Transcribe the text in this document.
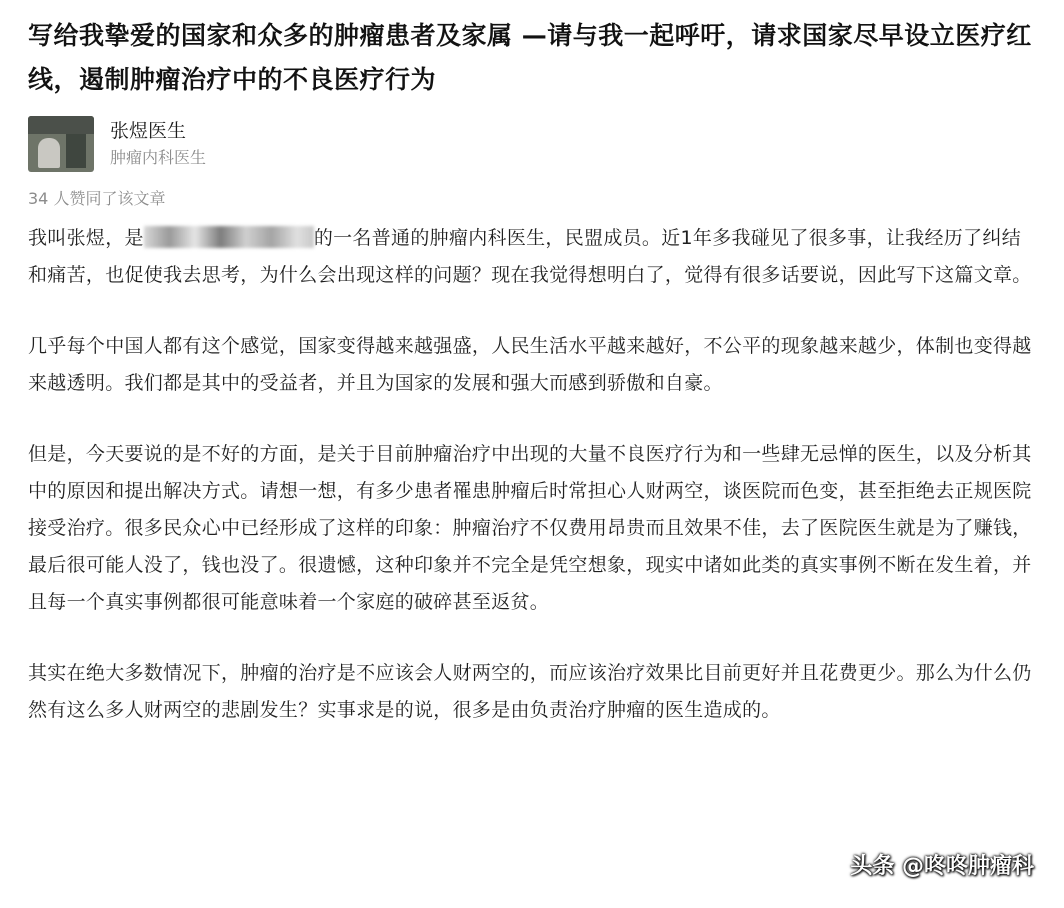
写给我挚爱的国家和众多的肿瘤患者及家属 —请与我一起呼吁，请求国家尽早设立医疗红线，遏制肿瘤治疗中的不良医疗行为
张煜医生
肿瘤内科医生
34 人赞同了该文章

我叫张煜，是	的一名普通的肿瘤内科医生，民盟成员。近1年多我碰见了很多事，让我经历了纠结和痛苦，也促使我去思考，为什么会出现这样的问题？现在我觉得想明白了，觉得有很多话要说，因此写下这篇文章。

几乎每个中国人都有这个感觉，国家变得越来越强盛，人民生活水平越来越好，不公平的现象越来越少，体制也变得越来越透明。我们都是其中的受益者，并且为国家的发展和强大而感到骄傲和自豪。

但是，今天要说的是不好的方面，是关于目前肿瘤治疗中出现的大量不良医疗行为和一些肆无忌惮的医生，以及分析其中的原因和提出解决方式。请想一想，有多少患者罹患肿瘤后时常担心人财两空，谈医院而色变，甚至拒绝去正规医院接受治疗。很多民众心中已经形成了这样的印象：肿瘤治疗不仅费用昂贵而且效果不佳，去了医院医生就是为了赚钱，最后很可能人没了，钱也没了。很遗憾，这种印象并不完全是凭空想象，现实中诸如此类的真实事例不断在发生着，并且每一个真实事例都很可能意味着一个家庭的破碎甚至返贫。

其实在绝大多数情况下，肿瘤的治疗是不应该会人财两空的，而应该治疗效果比目前更好并且花费更少。那么为什么仍然有这么多人财两空的悲剧发生？实事求是的说，很多是由负责治疗肿瘤的医生造成的。

头条 @咚咚肿瘤科
